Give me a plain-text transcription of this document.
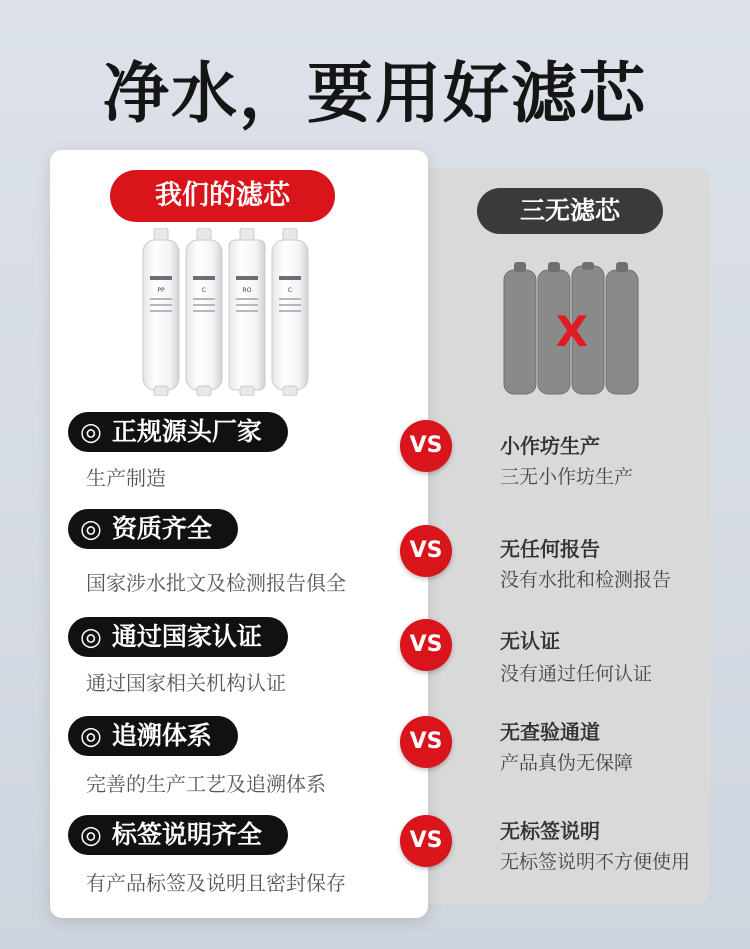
净水，要用好滤芯
我们的滤芯	三无滤芯
PP	C	RO	C
X
◎ 正规源头厂家
生产制造
VS	小作坊生产
三无小作坊生产
◎ 资质齐全
国家涉水批文及检测报告俱全
VS	无任何报告
没有水批和检测报告
◎ 通过国家认证
通过国家相关机构认证
VS	无认证
没有通过任何认证
◎ 追溯体系
完善的生产工艺及追溯体系
VS	无查验通道
产品真伪无保障
◎ 标签说明齐全
有产品标签及说明且密封保存
VS	无标签说明
无标签说明不方便使用
